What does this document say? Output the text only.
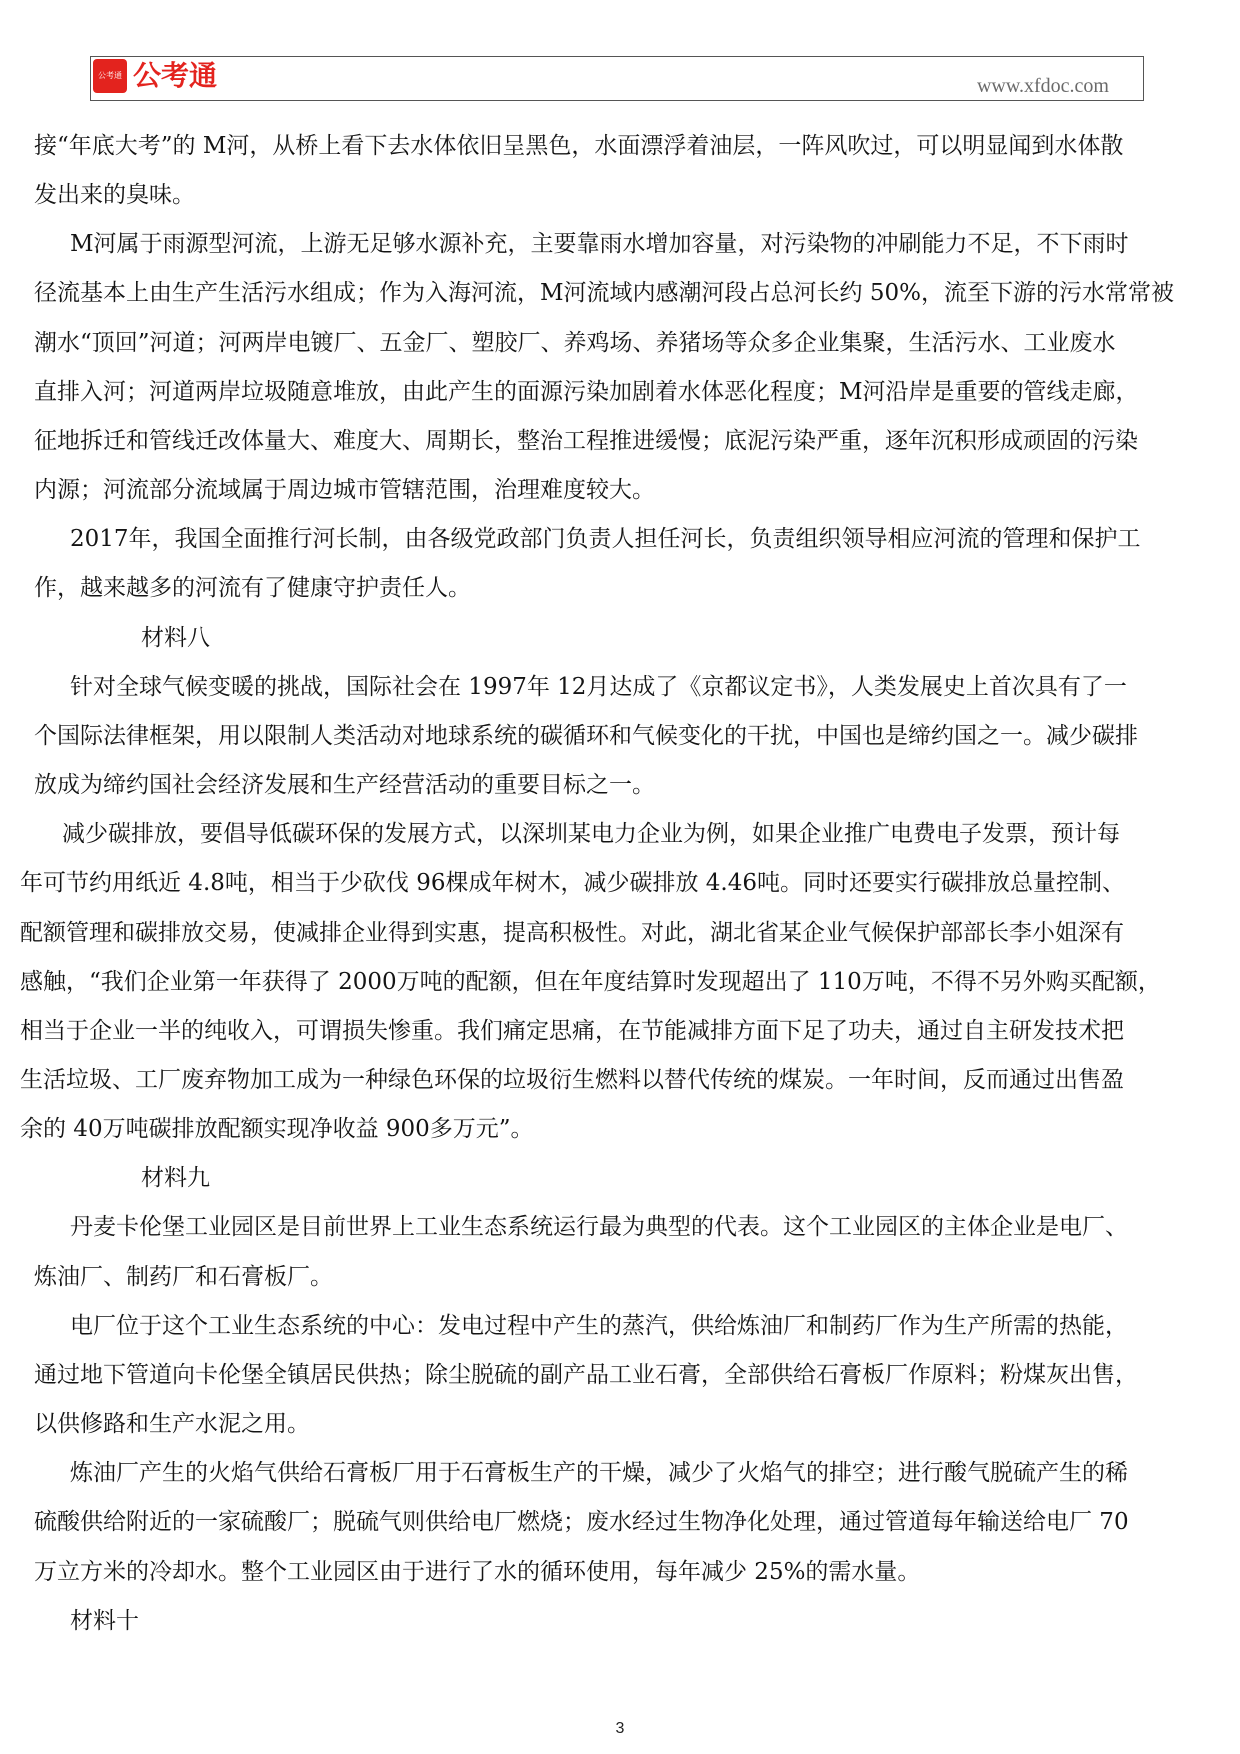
公考通 公考通	www.xfdoc.com
接“年底大考”的 M河，从桥上看下去水体依旧呈黑色，水面漂浮着油层，一阵风吹过，可以明显闻到水体散
发出来的臭味。
M河属于雨源型河流，上游无足够水源补充，主要靠雨水增加容量，对污染物的冲刷能力不足，不下雨时
径流基本上由生产生活污水组成；作为入海河流，M河流域内感潮河段占总河长约 50%，流至下游的污水常常被
潮水“顶回”河道；河两岸电镀厂、五金厂、塑胶厂、养鸡场、养猪场等众多企业集聚，生活污水、工业废水
直排入河；河道两岸垃圾随意堆放，由此产生的面源污染加剧着水体恶化程度；M河沿岸是重要的管线走廊，
征地拆迁和管线迁改体量大、难度大、周期长，整治工程推进缓慢；底泥污染严重，逐年沉积形成顽固的污染
内源；河流部分流域属于周边城市管辖范围，治理难度较大。
2017年，我国全面推行河长制，由各级党政部门负责人担任河长，负责组织领导相应河流的管理和保护工
作，越来越多的河流有了健康守护责任人。
材料八
针对全球气候变暖的挑战，国际社会在 1997年 12月达成了《京都议定书》，人类发展史上首次具有了一
个国际法律框架，用以限制人类活动对地球系统的碳循环和气候变化的干扰，中国也是缔约国之一。减少碳排
放成为缔约国社会经济发展和生产经营活动的重要目标之一。
减少碳排放，要倡导低碳环保的发展方式，以深圳某电力企业为例，如果企业推广电费电子发票，预计每
年可节约用纸近 4.8吨，相当于少砍伐 96棵成年树木，减少碳排放 4.46吨。同时还要实行碳排放总量控制、
配额管理和碳排放交易，使减排企业得到实惠，提高积极性。对此，湖北省某企业气候保护部部长李小姐深有
感触，“我们企业第一年获得了 2000万吨的配额，但在年度结算时发现超出了 110万吨，不得不另外购买配额，
相当于企业一半的纯收入，可谓损失惨重。我们痛定思痛，在节能减排方面下足了功夫，通过自主研发技术把
生活垃圾、工厂废弃物加工成为一种绿色环保的垃圾衍生燃料以替代传统的煤炭。一年时间，反而通过出售盈
余的 40万吨碳排放配额实现净收益 900多万元”。
材料九
丹麦卡伦堡工业园区是目前世界上工业生态系统运行最为典型的代表。这个工业园区的主体企业是电厂、
炼油厂、制药厂和石膏板厂。
电厂位于这个工业生态系统的中心：发电过程中产生的蒸汽，供给炼油厂和制药厂作为生产所需的热能，
通过地下管道向卡伦堡全镇居民供热；除尘脱硫的副产品工业石膏，全部供给石膏板厂作原料；粉煤灰出售，
以供修路和生产水泥之用。
炼油厂产生的火焰气供给石膏板厂用于石膏板生产的干燥，减少了火焰气的排空；进行酸气脱硫产生的稀
硫酸供给附近的一家硫酸厂；脱硫气则供给电厂燃烧；废水经过生物净化处理，通过管道每年输送给电厂 70
万立方米的冷却水。整个工业园区由于进行了水的循环使用，每年减少 25%的需水量。
材料十
3
